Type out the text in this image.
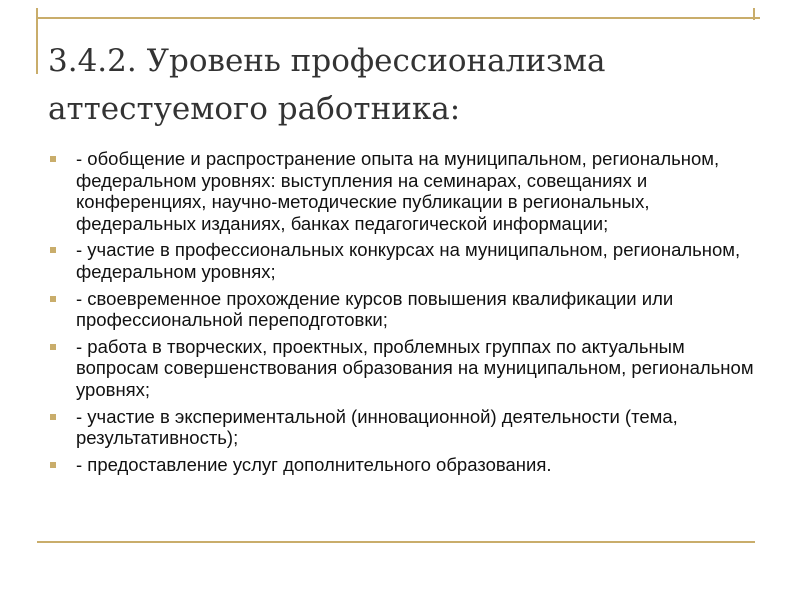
3.4.2. Уровень профессионализма
аттестуемого работника:
- обобщение и распространение опыта на муниципальном, региональном, федеральном уровнях: выступления на семинарах, совещаниях и конференциях, научно-методические публикации в региональных, федеральных изданиях, банках педагогической информации;
- участие в профессиональных конкурсах на муниципальном, региональном, федеральном уровнях;
- своевременное прохождение курсов повышения квалификации или профессиональной переподготовки;
- работа в творческих, проектных, проблемных группах по актуальным вопросам совершенствования образования на муниципальном, региональном уровнях;
- участие в экспериментальной (инновационной) деятельности (тема, результативность);
- предоставление услуг дополнительного образования.
